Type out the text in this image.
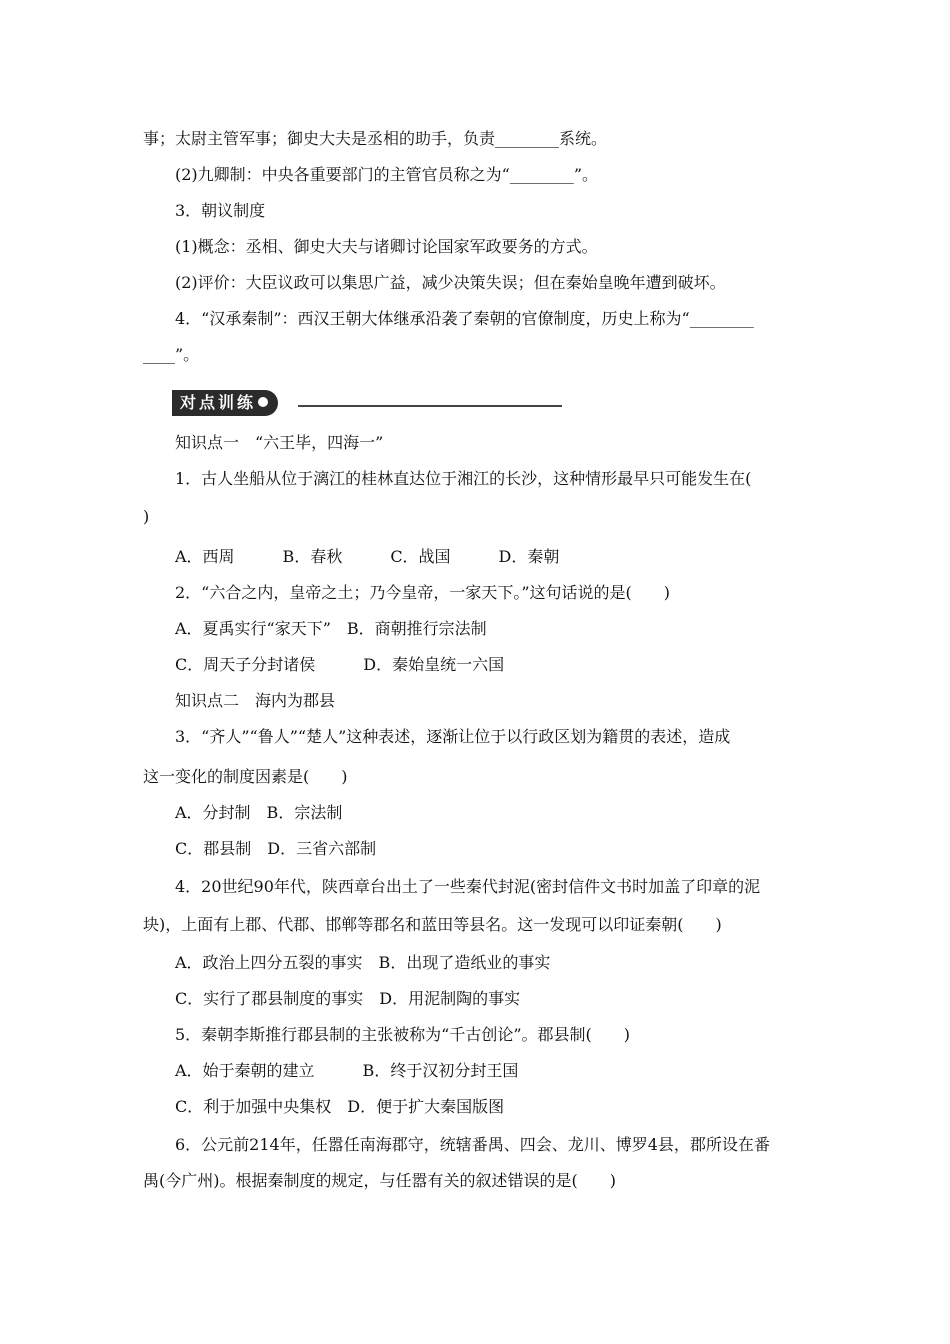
事；太尉主管军事；御史大夫是丞相的助手，负责________系统。
(2)九卿制：中央各重要部门的主管官员称之为“________”。
3．朝议制度
(1)概念：丞相、御史大夫与诸卿讨论国家军政要务的方式。
(2)评价：大臣议政可以集思广益，减少决策失误；但在秦始皇晚年遭到破坏。
4．“汉承秦制”：西汉王朝大体继承沿袭了秦朝的官僚制度，历史上称为“________
____”。
对点训练
知识点一　“六王毕，四海一”
1．古人坐船从位于漓江的桂林直达位于湘江的长沙，这种情形最早只可能发生在(
)
A．西周　　　B．春秋　　　C．战国　　　D．秦朝
2．“六合之内，皇帝之土；乃今皇帝，一家天下。”这句话说的是(　　)
A．夏禹实行“家天下”　B．商朝推行宗法制
C．周天子分封诸侯　　　D．秦始皇统一六国
知识点二　海内为郡县
3．“齐人”“鲁人”“楚人”这种表述，逐渐让位于以行政区划为籍贯的表述，造成
这一变化的制度因素是(　　)
A．分封制　B．宗法制
C．郡县制　D．三省六部制
4．20世纪90年代，陕西章台出土了一些秦代封泥(密封信件文书时加盖了印章的泥
块)，上面有上郡、代郡、邯郸等郡名和蓝田等县名。这一发现可以印证秦朝(　　)
A．政治上四分五裂的事实　B．出现了造纸业的事实
C．实行了郡县制度的事实　D．用泥制陶的事实
5．秦朝李斯推行郡县制的主张被称为“千古创论”。郡县制(　　)
A．始于秦朝的建立　　　B．终于汉初分封王国
C．利于加强中央集权　D．便于扩大秦国版图
6．公元前214年，任嚣任南海郡守，统辖番禺、四会、龙川、博罗4县，郡所设在番
禺(今广州)。根据秦制度的规定，与任嚣有关的叙述错误的是(　　)
